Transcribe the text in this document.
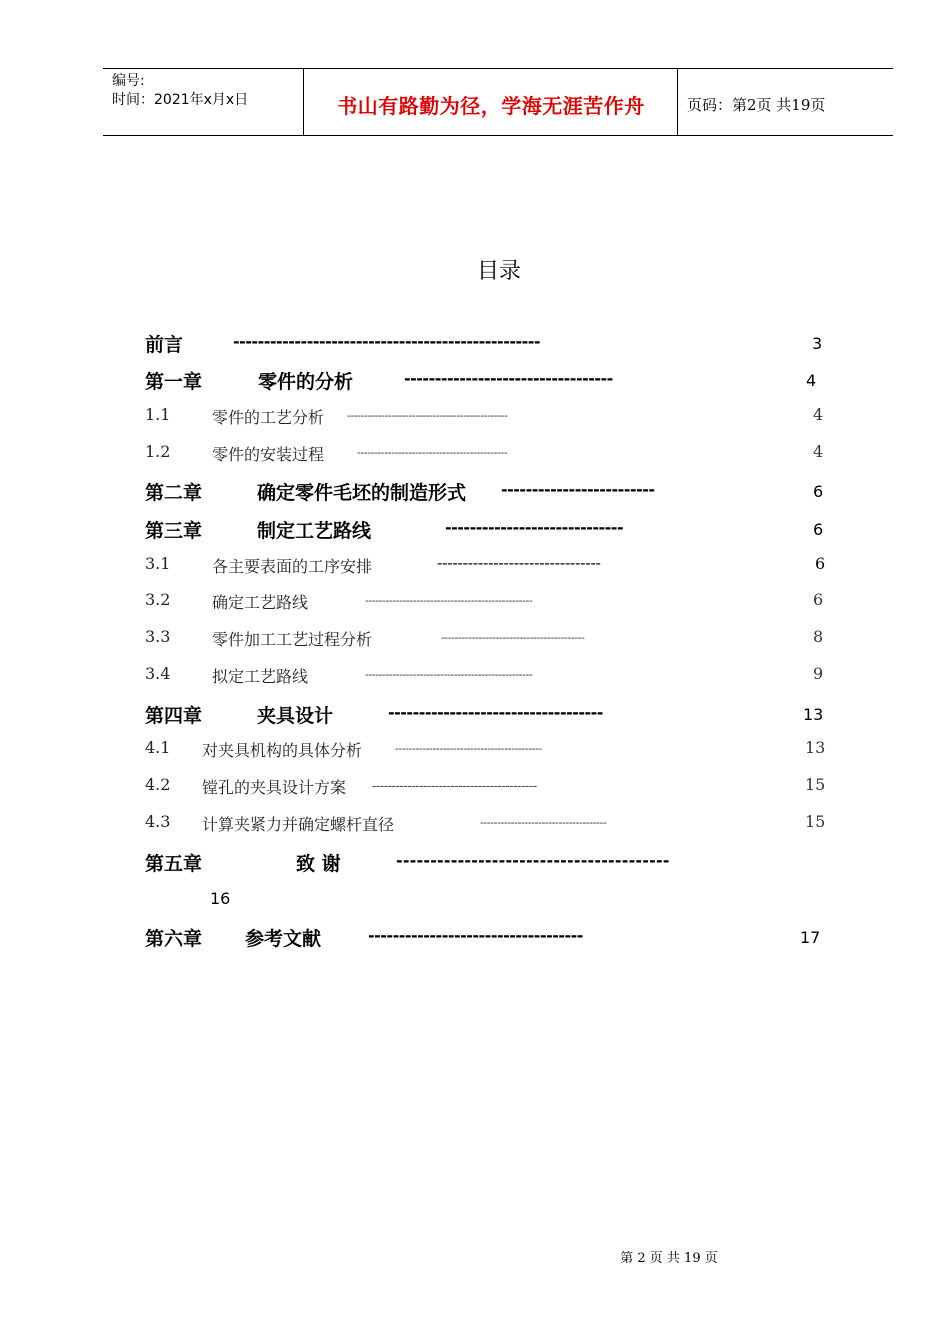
编号:
时间：2021年x月x日	书山有路勤为径，学海无涯苦作舟	页码：第2页 共19页
目录
前言	--------------------------------------------------	3
第一章	零件的分析	----------------------------------	4
1.1	零件的工艺分析 -----------------------------------------------	4
1.2	零件的安装过程	--------------------------------------------	4
第二章	确定零件毛坯的制造形式 -------------------------	6
第三章	制定工艺路线	-----------------------------	6
3.1	各主要表面的工序安排	--------------------------------	6
3.2	确定工艺路线	-------------------------------------------------	6
3.3	零件加工工艺过程分析	------------------------------------------	8
3.4	拟定工艺路线	-------------------------------------------------	9
第四章	夹具设计	-----------------------------------	13
4.1 对夹具机构的具体分析	-------------------------------------------	13
4.2 镗孔的夹具设计方案 ------------------------------------------	15
4.3 计算夹紧力并确定螺杆直径	-------------------------------------	15
第五章	致 谢	----------------------------------------
16
第六章 参考文献	-----------------------------------	17
第 2 页 共 19 页
